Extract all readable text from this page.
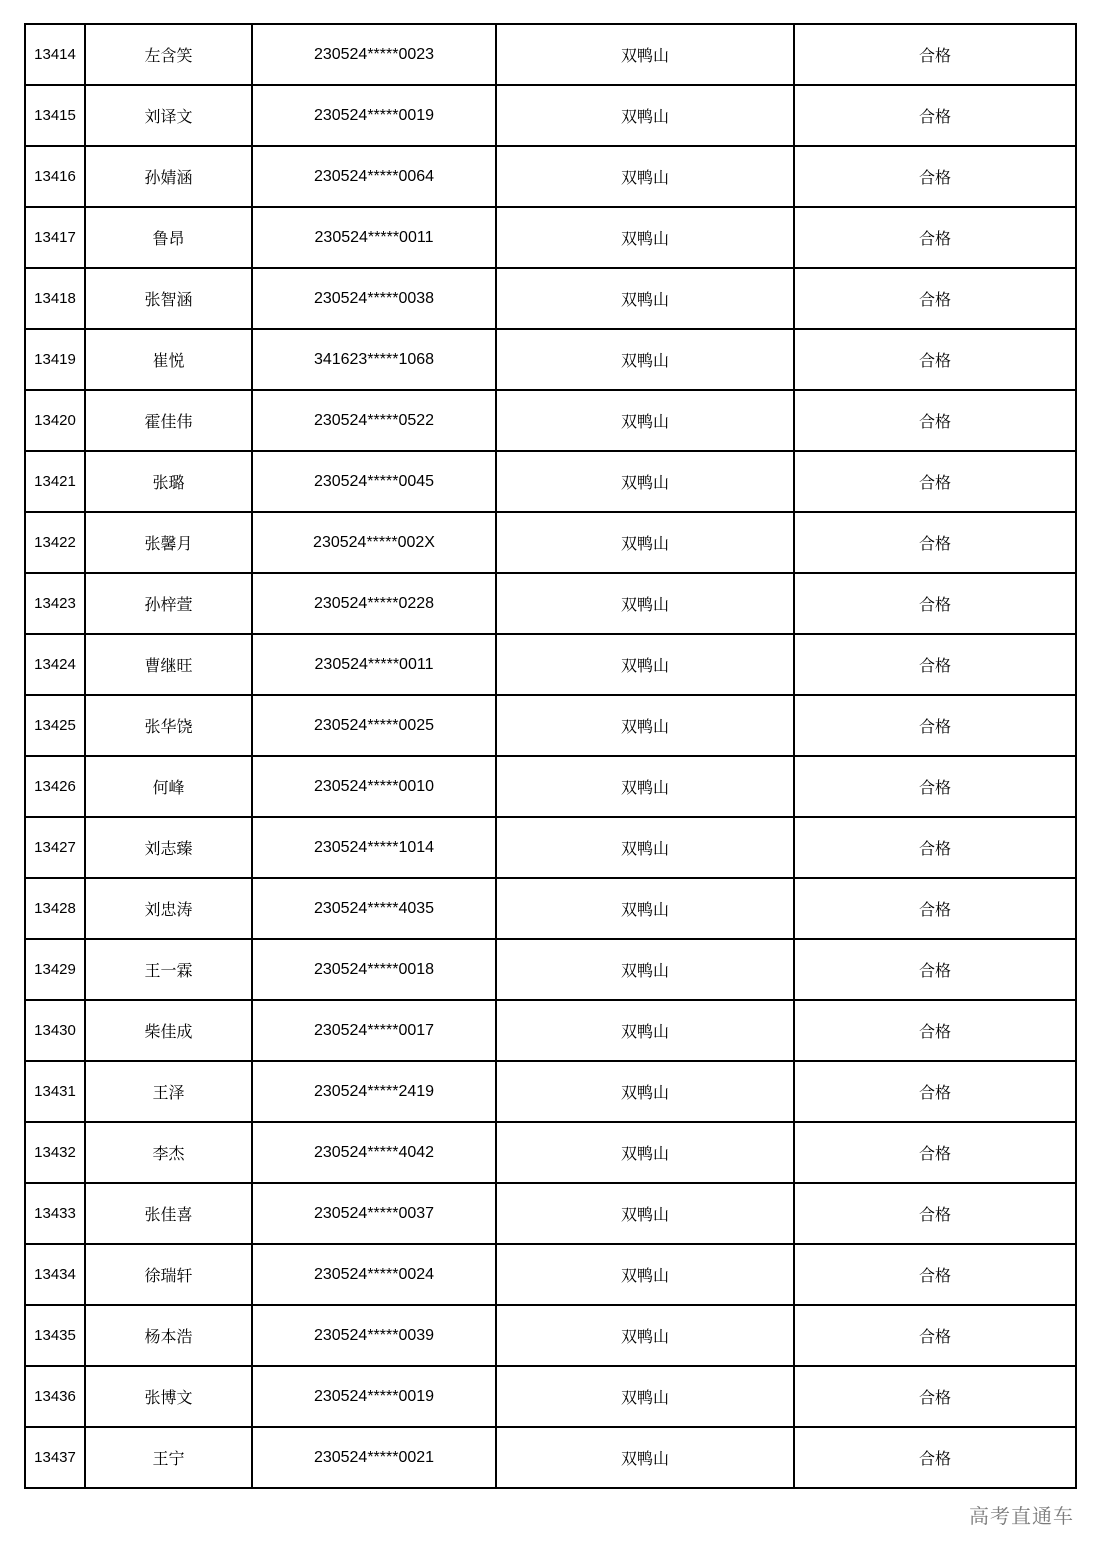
13414	左含笑	230524*****0023	双鸭山	合格
13415	刘译文	230524*****0019	双鸭山	合格
13416	孙婧涵	230524*****0064	双鸭山	合格
13417	鲁昂	230524*****0011	双鸭山	合格
13418	张智涵	230524*****0038	双鸭山	合格
13419	崔悦	341623*****1068	双鸭山	合格
13420	霍佳伟	230524*****0522	双鸭山	合格
13421	张璐	230524*****0045	双鸭山	合格
13422	张馨月	230524*****002X	双鸭山	合格
13423	孙梓萱	230524*****0228	双鸭山	合格
13424	曹继旺	230524*****0011	双鸭山	合格
13425	张华饶	230524*****0025	双鸭山	合格
13426	何峰	230524*****0010	双鸭山	合格
13427	刘志臻	230524*****1014	双鸭山	合格
13428	刘忠涛	230524*****4035	双鸭山	合格
13429	王一霖	230524*****0018	双鸭山	合格
13430	柴佳成	230524*****0017	双鸭山	合格
13431	王泽	230524*****2419	双鸭山	合格
13432	李杰	230524*****4042	双鸭山	合格
13433	张佳喜	230524*****0037	双鸭山	合格
13434	徐瑞轩	230524*****0024	双鸭山	合格
13435	杨本浩	230524*****0039	双鸭山	合格
13436	张博文	230524*****0019	双鸭山	合格
13437	王宁	230524*****0021	双鸭山	合格
高考直通车
